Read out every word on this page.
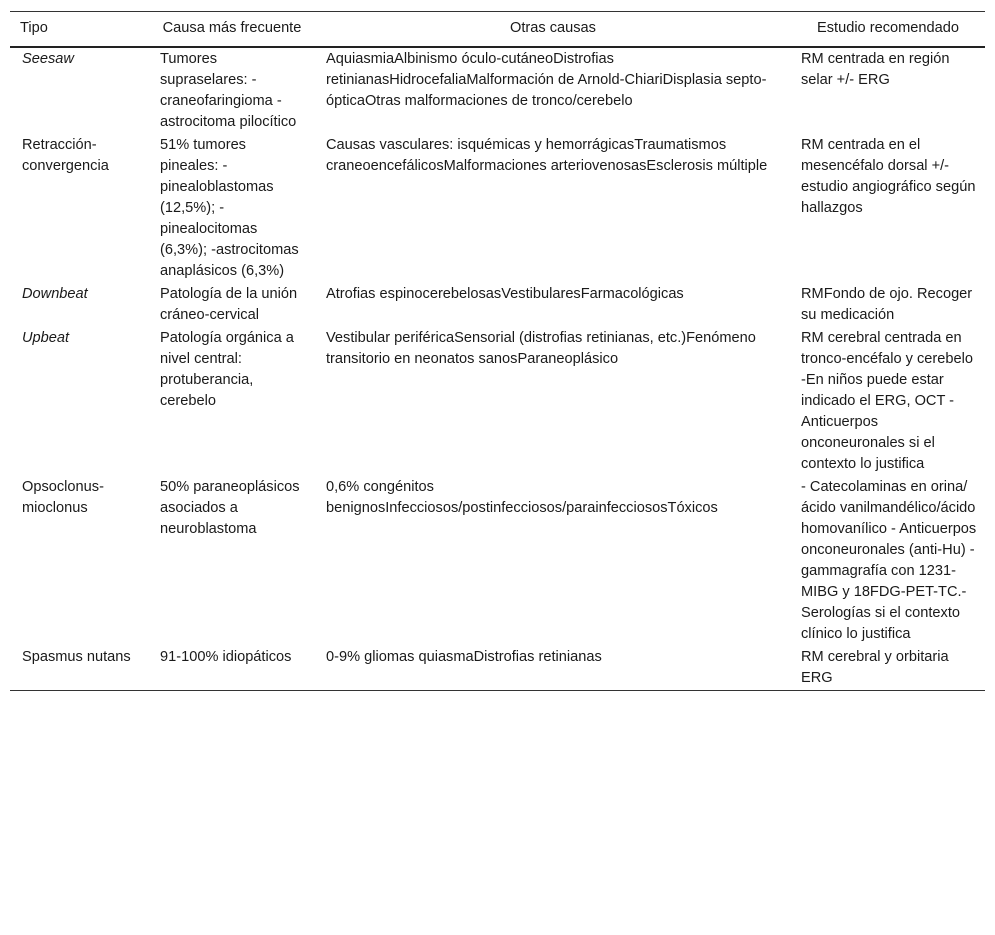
Tipo	Causa más frecuente	Otras causas	Estudio recomendado
Seesaw	Tumores supraselares: -craneofaringioma - astrocitoma pilocítico	AquiasmiaAlbinismo óculo-cutáneoDistrofias retinianasHidrocefaliaMalformación de Arnold-ChiariDisplasia septo-ópticaOtras malformaciones de tronco/cerebelo	RM centrada en región selar +/- ERG
Retracción-convergencia	51% tumores pineales: -pinealoblastomas (12,5%); -pinealocitomas (6,3%); -astrocitomas anaplásicos (6,3%)	Causas vasculares: isquémicas y hemorrágicasTraumatismos craneoencefálicosMalformaciones arteriovenosasEsclerosis múltiple	RM centrada en el mesencéfalo dorsal +/- estudio angiográfico según hallazgos
Downbeat	Patología de la unión cráneo-cervical	Atrofias espinocerebelosasVestibularesFarmacológicas	RMFondo de ojo. Recoger su medicación
Upbeat	Patología orgánica a nivel central: protuberancia, cerebelo	Vestibular periféricaSensorial (distrofias retinianas, etc.)Fenómeno transitorio en neonatos sanosParaneoplásico	RM cerebral centrada en tronco-encéfalo y cerebelo -En niños puede estar indicado el ERG, OCT - Anticuerpos onconeuronales si el contexto lo justifica
Opsoclonus-mioclonus	50% paraneoplásicos asociados a neuroblastoma	0,6% congénitos benignosInfecciosos/postinfecciosos/parainfecciososTóxicos	- Catecolaminas en orina/ácido vanilmandélico/ácido homovanílico - Anticuerpos onconeuronales (anti-Hu) - gammagrafía con 1231-MIBG y 18FDG-PET-TC.- Serologías si el contexto clínico lo justifica
Spasmus nutans	91-100% idiopáticos	0-9% gliomas quiasmaDistrofias retinianas	RM cerebral y orbitaria ERG
